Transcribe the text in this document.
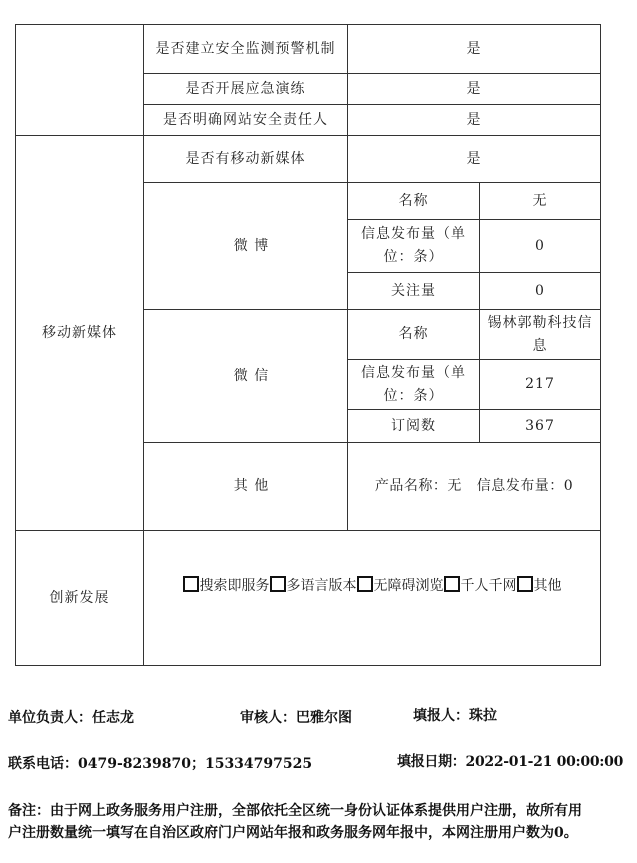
	是否建立安全监测预警机制	是	
	是否开展应急演练	是	
	是否明确网站安全责任人	是	
移动新媒体	是否有移动新媒体	是	
	微 博	名称	无
		信息发布量（单位：条）	0
		关注量	0
	微 信	名称	锡林郭勒科技信息
		信息发布量（单位：条）	217
		订阅数	367
	其 他	产品名称：无   信息发布量：0	
创新发展	搜索即服务 多语言版本 无障碍浏览 千人千网 其他		
单位负责人：任志龙	审核人：巴雅尔图	填报人：珠拉
联系电话：0479-8239870；15334797525	填报日期：2022-01-21 00:00:00
备注：由于网上政务服务用户注册，全部依托全区统一身份认证体系提供用户注册，故所有用户注册数量统一填写在自治区政府门户网站年报和政务服务网年报中，本网注册用户数为0。
